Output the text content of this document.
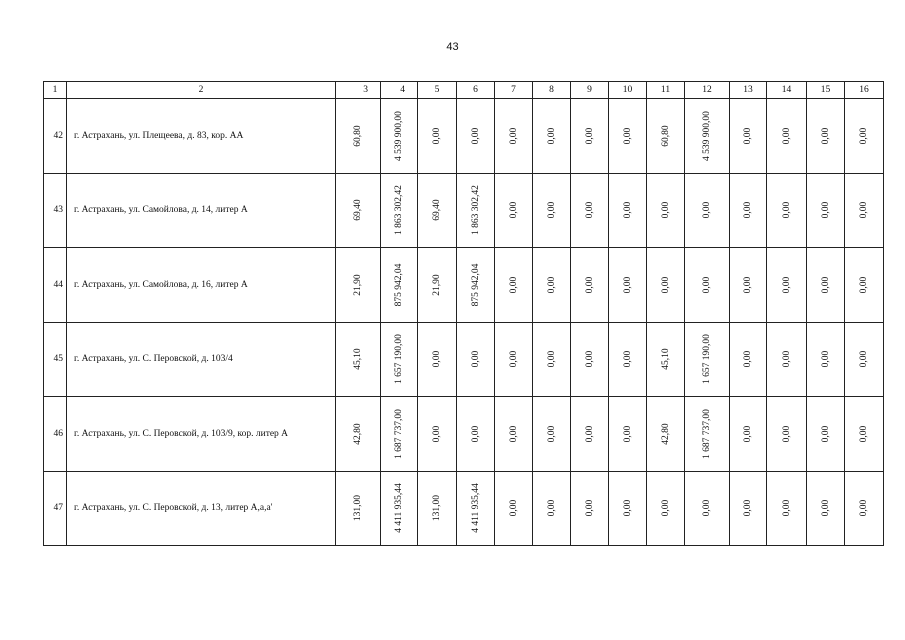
43
1	2	3	4	5	6	7	8	9	10	11	12	13	14	15	16
42	г. Астрахань, ул. Плещеева, д. 83, кор. АА	60,80	4 539 900,00	0,00	0,00	0,00	0,00	0,00	0,00	60,80	4 539 900,00	0,00	0,00	0,00	0,00

43	г. Астрахань, ул. Самойлова, д. 14, литер А	69,40	1 863 302,42	69,40	1 863 302,42	0,00	0,00	0,00	0,00	0,00	0,00	0,00	0,00	0,00	0,00

44	г. Астрахань, ул. Самойлова, д. 16, литер А	21,90	875 942,04	21,90	875 942,04	0,00	0,00	0,00	0,00	0,00	0,00	0,00	0,00	0,00	0,00

45	г. Астрахань, ул. С. Перовской, д. 103/4	45,10	1 657 190,00	0,00	0,00	0,00	0,00	0,00	0,00	45,10	1 657 190,00	0,00	0,00	0,00	0,00

46	г. Астрахань, ул. С. Перовской, д. 103/9, кор. литер А	42,80	1 687 737,00	0,00	0,00	0,00	0,00	0,00	0,00	42,80	1 687 737,00	0,00	0,00	0,00	0,00

47	г. Астрахань, ул. С. Перовской, д. 13, литер А,а,а'	131,00	4 411 935,44	131,00	4 411 935,44	0,00	0,00	0,00	0,00	0,00	0,00	0,00	0,00	0,00	0,00
